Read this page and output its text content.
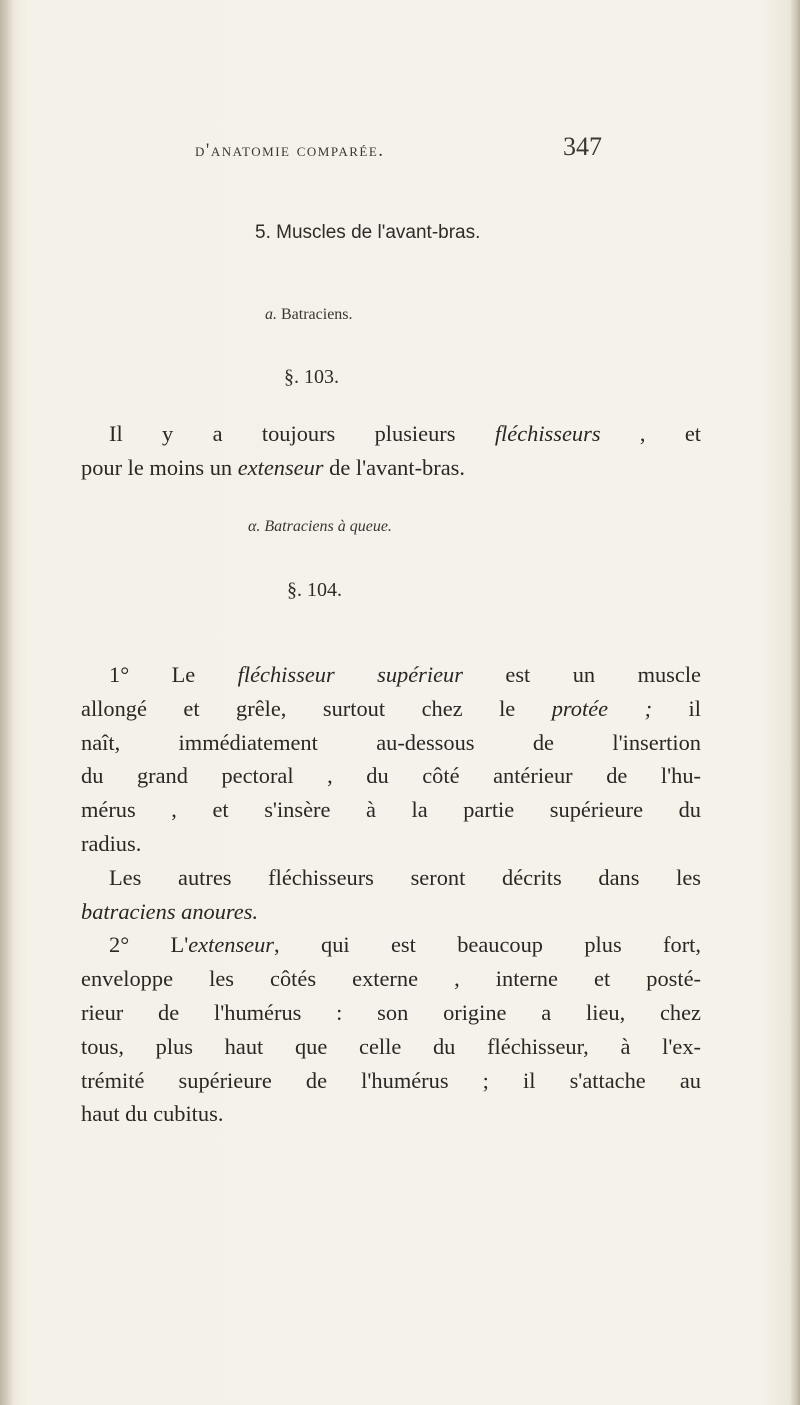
d'anatomie comparée.	347
5. Muscles de l'avant-bras.
a. Batraciens.
§. 103.
Il y a toujours plusieurs fléchisseurs , et
pour le moins un extenseur de l'avant-bras.
α. Batraciens à queue.
§. 104.
1° Le fléchisseur supérieur est un muscle
allongé et grêle, surtout chez le protée ; il
naît, immédiatement au-dessous de l'insertion
du grand pectoral , du côté antérieur de l'hu-
mérus , et s'insère à la partie supérieure du
radius.
Les autres fléchisseurs seront décrits dans les
batraciens anoures.
2° L'extenseur, qui est beaucoup plus fort,
enveloppe les côtés externe , interne et posté-
rieur de l'humérus : son origine a lieu, chez
tous, plus haut que celle du fléchisseur, à l'ex-
trémité supérieure de l'humérus ; il s'attache au
haut du cubitus.
